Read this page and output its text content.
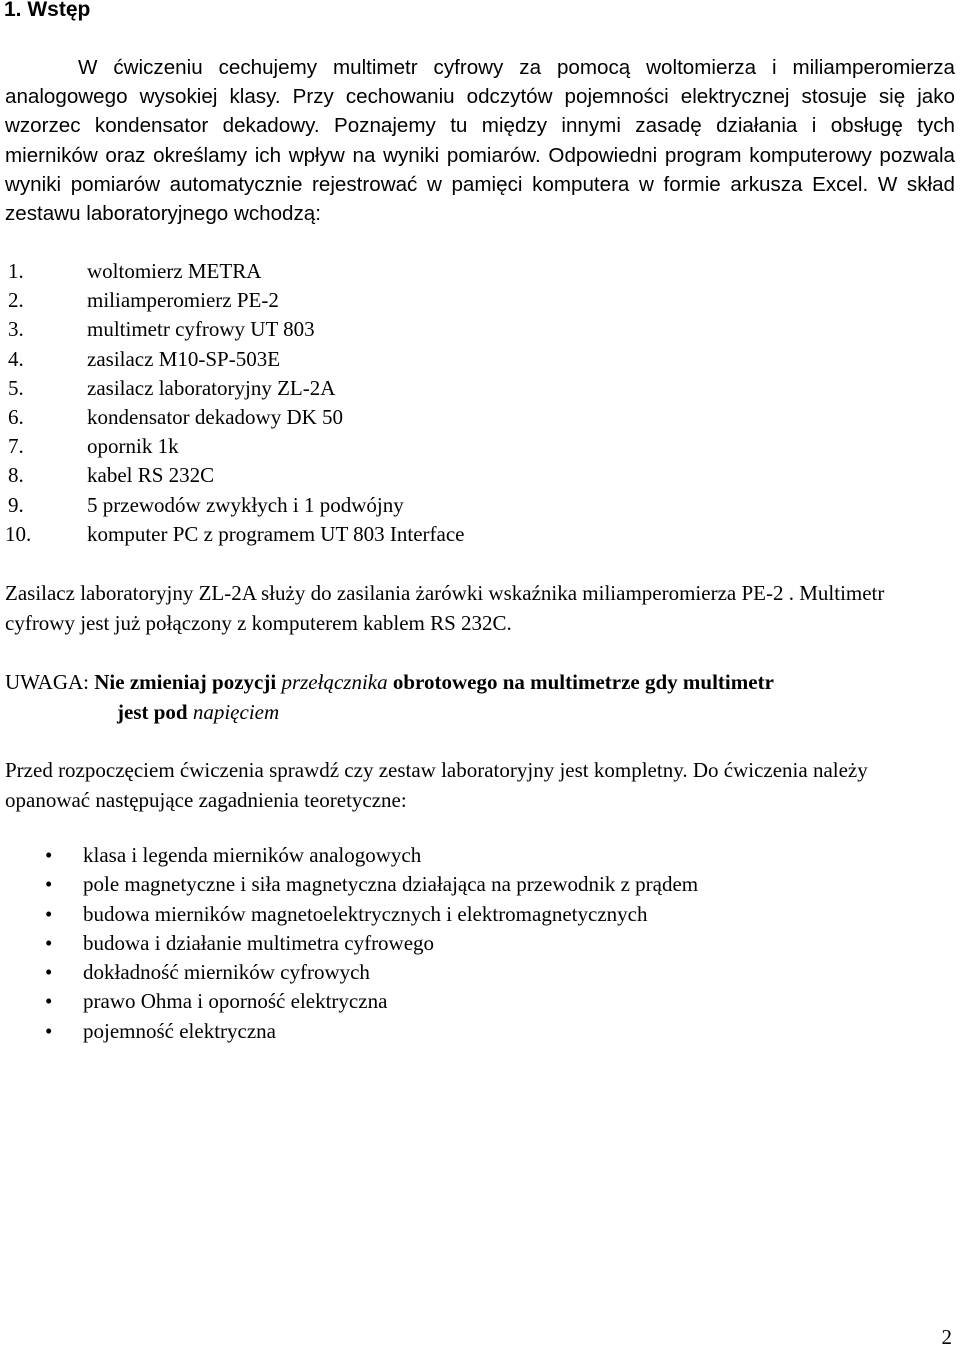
1. Wstęp

W ćwiczeniu cechujemy multimetr cyfrowy za pomocą woltomierza i miliamperomierza analogowego wysokiej klasy. Przy cechowaniu odczytów pojemności elektrycznej stosuje się jako wzorzec kondensator dekadowy. Poznajemy tu między innymi zasadę działania i obsługę tych mierników oraz określamy ich wpływ na wyniki pomiarów. Odpowiedni program komputerowy pozwala wyniki pomiarów automatycznie rejestrować w pamięci komputera w formie arkusza Excel. W skład zestawu laboratoryjnego wchodzą:

1.	woltomierz METRA
2.	miliamperomierz PE-2
3.	multimetr cyfrowy UT 803
4.	zasilacz M10-SP-503E
5.	zasilacz laboratoryjny ZL-2A
6.	kondensator dekadowy DK 50
7.	opornik 1k
8.	kabel RS 232C
9.	5 przewodów zwykłych i 1 podwójny
10.	komputer PC z programem UT 803 Interface

Zasilacz laboratoryjny ZL-2A służy do zasilania żarówki wskaźnika miliamperomierza PE-2 . Multimetr cyfrowy jest już połączony z komputerem kablem RS 232C.

UWAGA: Nie zmieniaj pozycji przełącznika obrotowego na multimetrze gdy multimetr
jest pod napięciem

Przed rozpoczęciem ćwiczenia sprawdź czy zestaw laboratoryjny jest kompletny. Do ćwiczenia należy opanować następujące zagadnienia teoretyczne:

• klasa i legenda mierników analogowych
• pole magnetyczne i siła magnetyczna działająca na przewodnik z prądem
• budowa mierników magnetoelektrycznych i elektromagnetycznych
• budowa i działanie multimetra cyfrowego
• dokładność mierników cyfrowych
• prawo Ohma i oporność elektryczna
• pojemność elektryczna
2
